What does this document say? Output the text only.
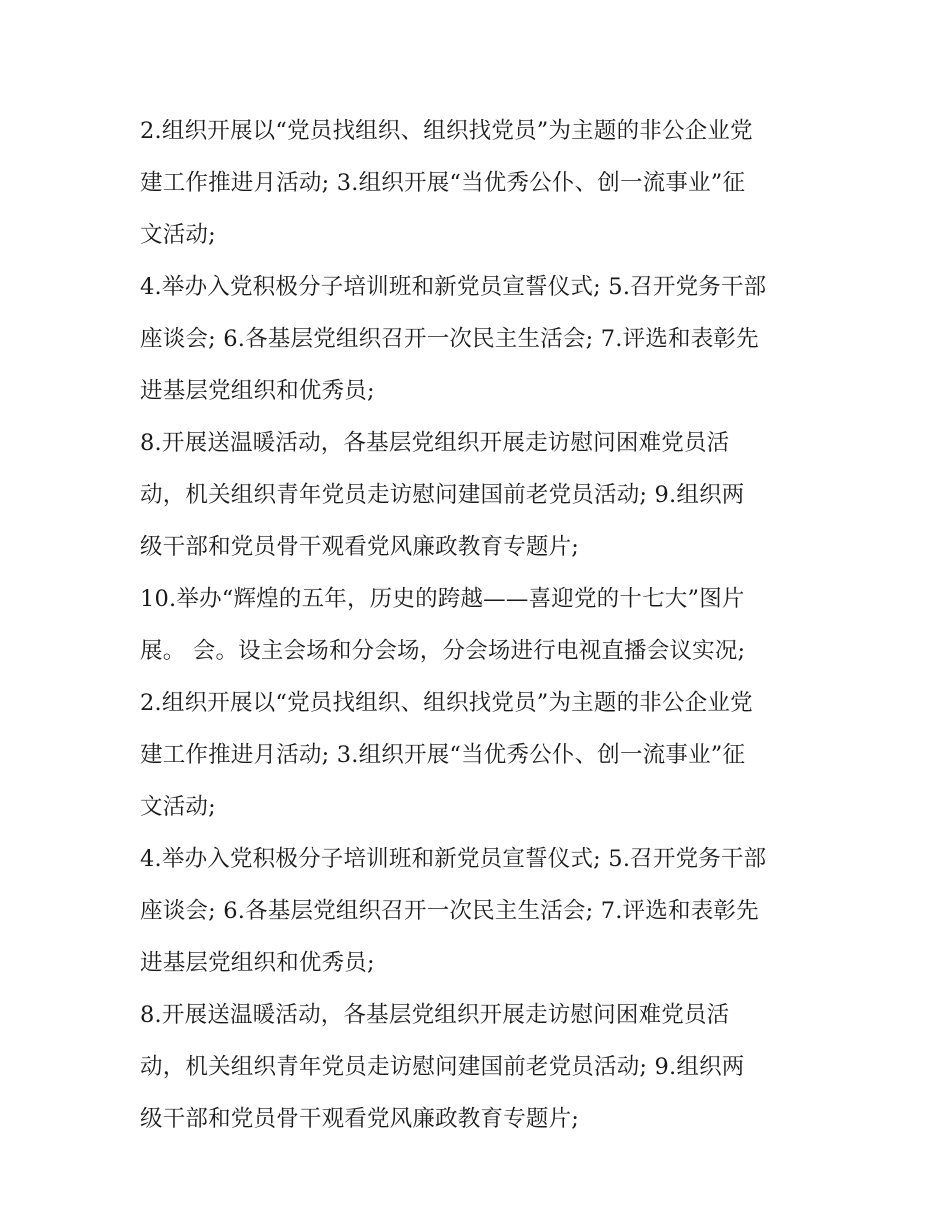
2.组织开展以“党员找组织、组织找党员”为主题的非公企业党
建工作推进月活动; 3.组织开展“当优秀公仆、创一流事业”征
文活动;
4.举办入党积极分子培训班和新党员宣誓仪式; 5.召开党务干部
座谈会; 6.各基层党组织召开一次民主生活会; 7.评选和表彰先
进基层党组织和优秀员;
8.开展送温暖活动，各基层党组织开展走访慰问困难党员活
动，机关组织青年党员走访慰问建国前老党员活动; 9.组织两
级干部和党员骨干观看党风廉政教育专题片;
10.举办“辉煌的五年，历史的跨越——喜迎党的十七大”图片
展。 会。设主会场和分会场，分会场进行电视直播会议实况;
2.组织开展以“党员找组织、组织找党员”为主题的非公企业党
建工作推进月活动; 3.组织开展“当优秀公仆、创一流事业”征
文活动;
4.举办入党积极分子培训班和新党员宣誓仪式; 5.召开党务干部
座谈会; 6.各基层党组织召开一次民主生活会; 7.评选和表彰先
进基层党组织和优秀员;
8.开展送温暖活动，各基层党组织开展走访慰问困难党员活
动，机关组织青年党员走访慰问建国前老党员活动; 9.组织两
级干部和党员骨干观看党风廉政教育专题片;
